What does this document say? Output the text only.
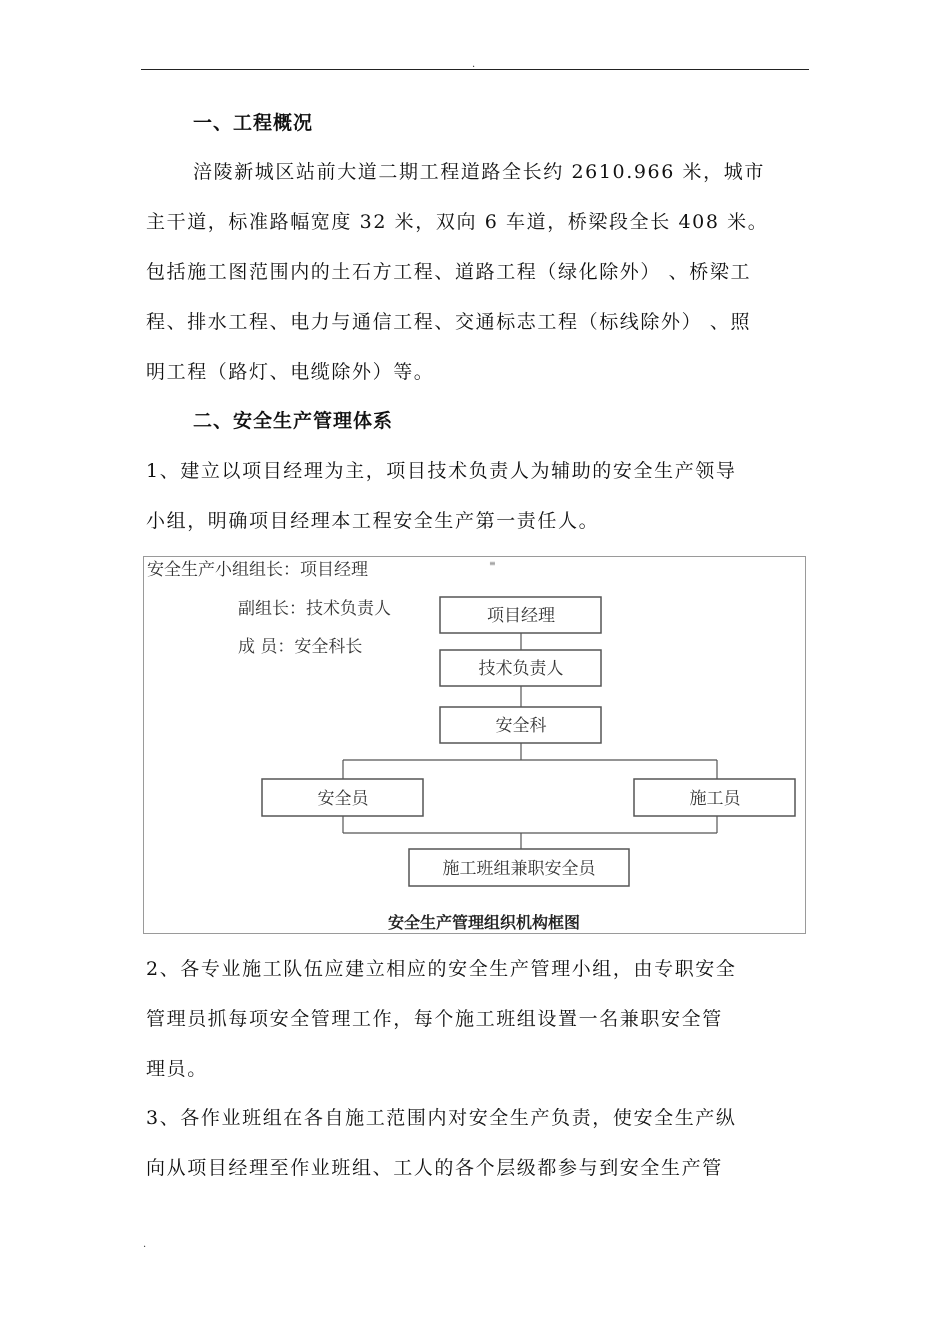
.
一、工程概况
涪陵新城区站前大道二期工程道路全长约 2610.966 米，城市
主干道，标准路幅宽度 32 米，双向 6 车道，桥梁段全长 408 米。
包括施工图范围内的土石方工程、道路工程（绿化除外） 、桥梁工
程、排水工程、电力与通信工程、交通标志工程（标线除外） 、照
明工程（路灯、电缆除外）等。
二、安全生产管理体系
1、建立以项目经理为主，项目技术负责人为辅助的安全生产领导
小组，明确项目经理本工程安全生产第一责任人。
安全生产小组组长：项目经理
副组长：技术负责人
成 员：安全科长
≡
项目经理
技术负责人
安全科
安全员	施工员
施工班组兼职安全员
安全生产管理组织机构框图
2、各专业施工队伍应建立相应的安全生产管理小组，由专职安全
管理员抓每项安全管理工作，每个施工班组设置一名兼职安全管
理员。
3、各作业班组在各自施工范围内对安全生产负责，使安全生产纵
向从项目经理至作业班组、工人的各个层级都参与到安全生产管
.
